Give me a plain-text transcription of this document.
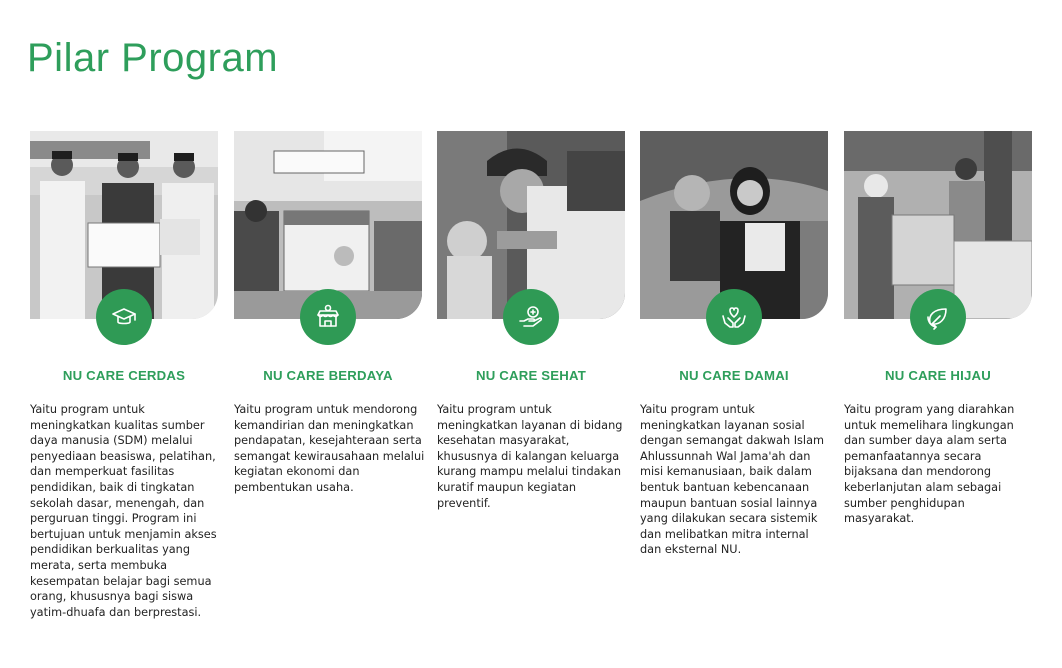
Pilar Program
NU CARE CERDAS

Yaitu program untuk meningkatkan kualitas sumber daya manusia (SDM) melalui penyediaan beasiswa, pelatihan, dan memperkuat fasilitas pendidikan, baik di tingkatan sekolah dasar, menengah, dan perguruan tinggi. Program ini bertujuan untuk menjamin akses pendidikan berkualitas yang merata, serta membuka kesempatan belajar bagi semua orang, khususnya bagi siswa yatim-dhuafa dan berprestasi.

NU CARE BERDAYA

Yaitu program untuk mendorong kemandirian dan meningkatkan pendapatan, kesejahteraan serta semangat kewirausahaan melalui kegiatan ekonomi dan pembentukan usaha.

NU CARE SEHAT

Yaitu program untuk meningkatkan layanan di bidang kesehatan masyarakat, khususnya di kalangan keluarga kurang mampu melalui tindakan kuratif maupun kegiatan preventif.

NU CARE DAMAI

Yaitu program untuk meningkatkan layanan sosial dengan semangat dakwah Islam Ahlussunnah Wal Jama'ah dan misi kemanusiaan, baik dalam bentuk bantuan kebencanaan maupun bantuan sosial lainnya yang dilakukan secara sistemik dan melibatkan mitra internal dan eksternal NU.

NU CARE HIJAU

Yaitu program yang diarahkan untuk memelihara lingkungan dan sumber daya alam serta pemanfaatannya secara bijaksana dan mendorong keberlanjutan alam sebagai sumber penghidupan masyarakat.
